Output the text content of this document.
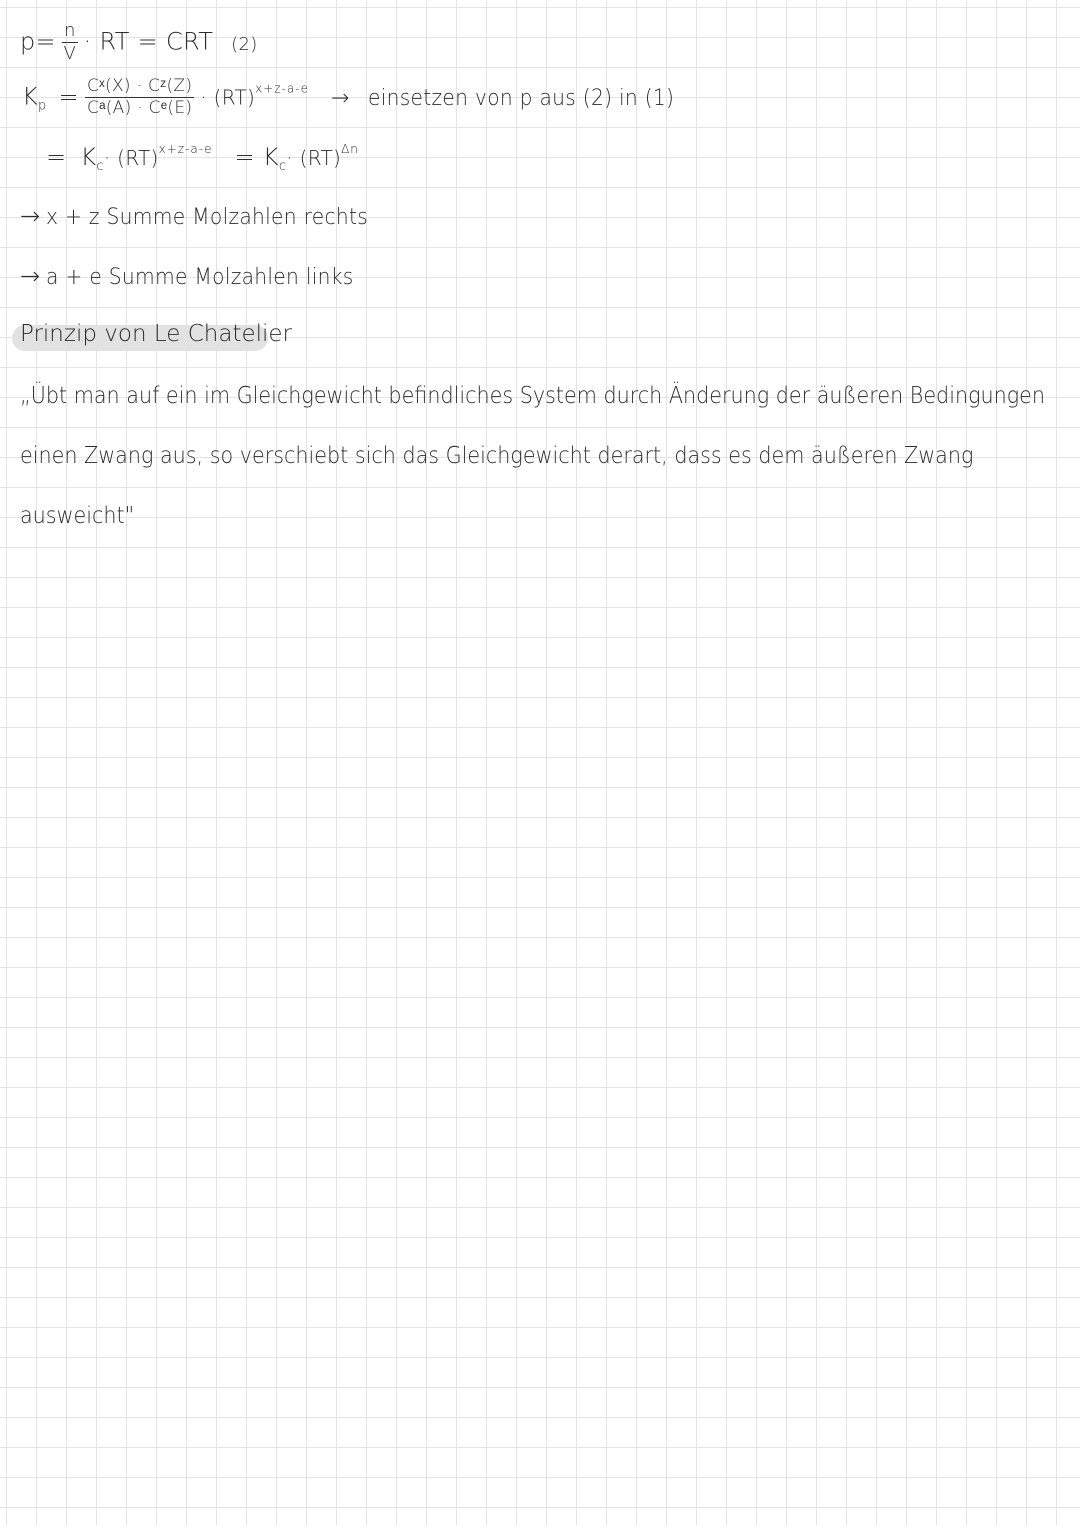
$p= \frac{n}{V}$ · RT = CRT (2)
$K_p = \frac{\text{Cˣ(X) · Cᶻ(Z)}}{\text{Cᵃ(A) · Cᵉ(E)}} \cdot (RT)^{x+z-a-e}$ → einsetzen von p aus (2) in (1)
= $K_c\cdot (RT)^{x+z-a-e} = K_c\cdot (RT)^{\Delta n}$
→ x + z Summe Molzahlen rechts
→ a + e Summe Molzahlen links
Prinzip von Le Chatelier
„Übt man auf ein im Gleichgewicht befindliches System durch Änderung der äußeren Bedingungen
einen Zwang aus, so verschiebt sich das Gleichgewicht derart, dass es dem äußeren Zwang
ausweicht"
